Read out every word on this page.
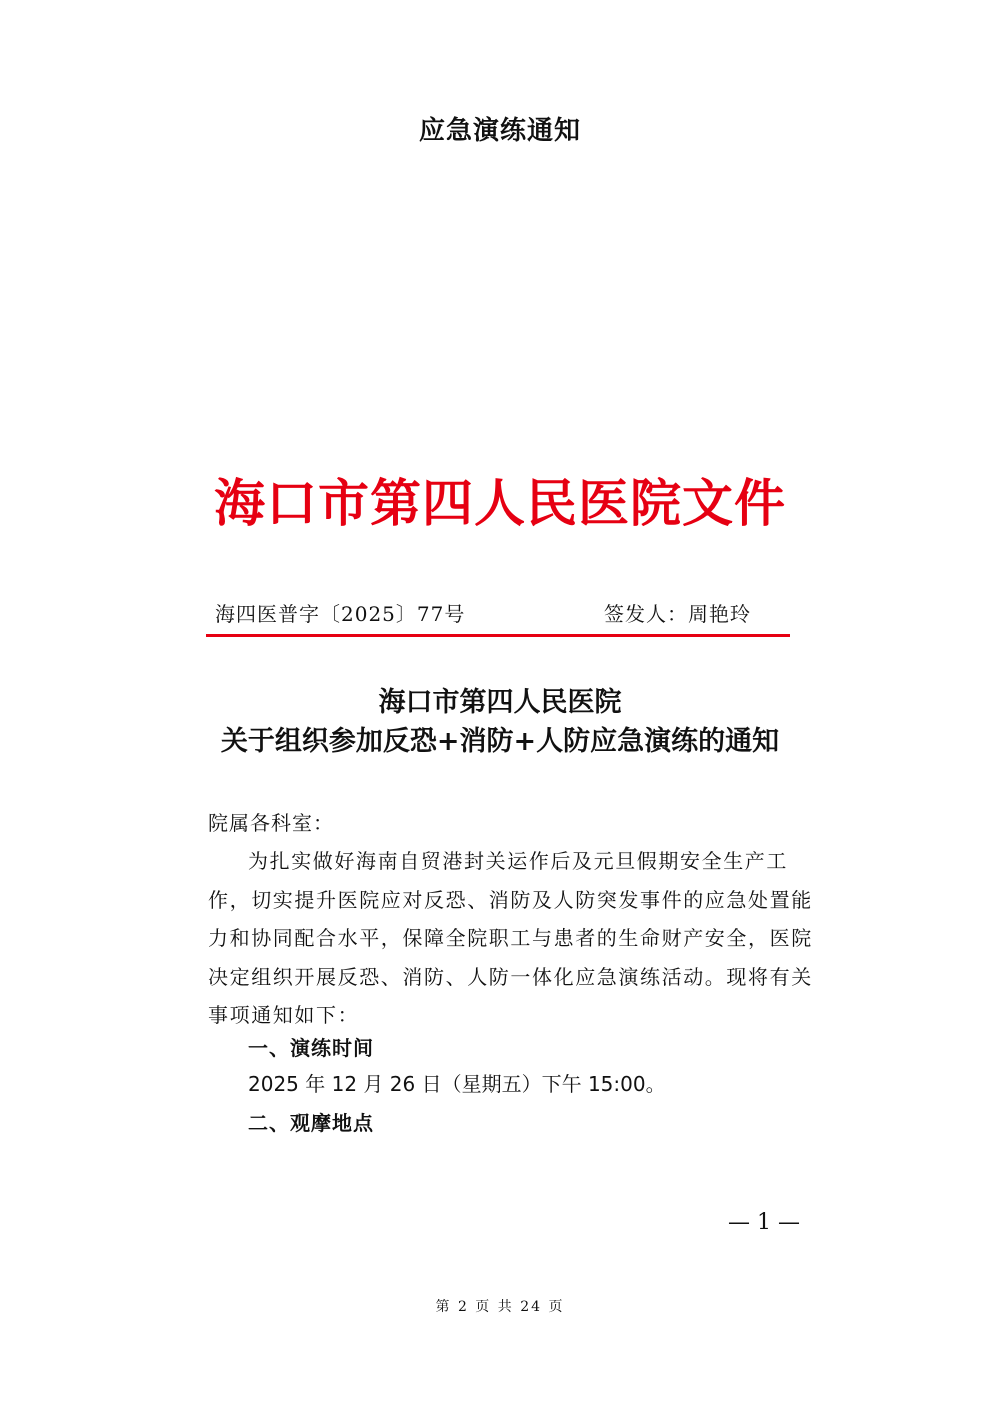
应急演练通知
海口市第四人民医院文件
海四医普字〔2025〕77号	签发人：周艳玲
海口市第四人民医院
关于组织参加反恐+消防+人防应急演练的通知
院属各科室：
为扎实做好海南自贸港封关运作后及元旦假期安全生产工
作，切实提升医院应对反恐、消防及人防突发事件的应急处置能
力和协同配合水平，保障全院职工与患者的生命财产安全，医院
决定组织开展反恐、消防、人防一体化应急演练活动。现将有关
事项通知如下：
一、演练时间
2025 年 12 月 26 日（星期五）下午 15:00。
二、观摩地点
— 1 —
第 2 页 共 24 页
